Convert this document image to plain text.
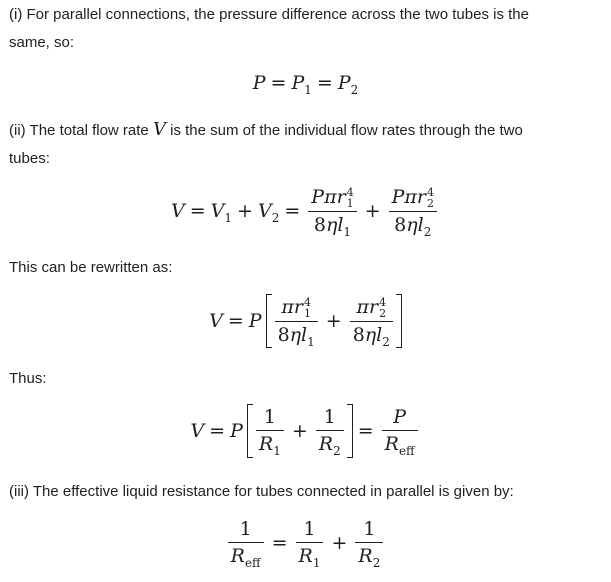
(i) For parallel connections, the pressure difference across the two tubes is the
same, so:

$P = P_1 = P_2$

(ii) The total flow rate V is the sum of the individual flow rates through the two
tubes:

$V = V_1 + V_2 = P\pi r$ 4
1
$8\eta l_1 + P\pi r$ 4
2
$8\eta l_2$

This can be rewritten as:

V = P πr 4
1
$8\eta l_1 + \pi r$ 4
2
$8\eta l_2$

Thus:

V = P $\frac{1}{R_1} + \frac{1}{R_2} = \frac{P}{R_{eff}}$

(iii) The effective liquid resistance for tubes connected in parallel is given by:

$\frac{1}{R_{eff}} = \frac{1}{R_1} + \frac{1}{R_2}$
